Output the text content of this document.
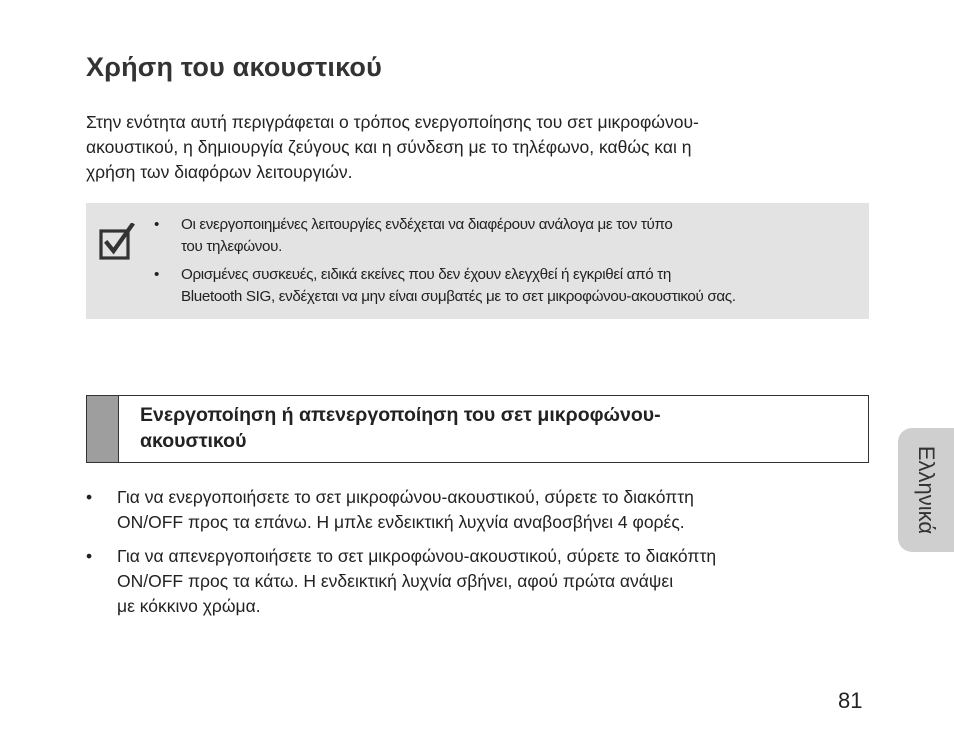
Χρήση του ακουστικού

Στην ενότητα αυτή περιγράφεται ο τρόπος ενεργοποίησης του σετ μικροφώνου-
ακουστικού, η δημιουργία ζεύγους και η σύνδεση με το τηλέφωνο, καθώς και η
χρήση των διαφόρων λειτουργιών.

• Οι ενεργοποιημένες λειτουργίες ενδέχεται να διαφέρουν ανάλογα με τον τύπο
του τηλεφώνου.
• Ορισμένες συσκευές, ειδικά εκείνες που δεν έχουν ελεγχθεί ή εγκριθεί από τη
Bluetooth SIG, ενδέχεται να μην είναι συμβατές με το σετ μικροφώνου-ακουστικού σας.
Ενεργοποίηση ή απενεργοποίηση του σετ μικροφώνου-
ακουστικού
• Για να ενεργοποιήσετε το σετ μικροφώνου-ακουστικού, σύρετε το διακόπτη
ON/OFF προς τα επάνω. Η μπλε ενδεικτική λυχνία αναβοσβήνει 4 φορές.
• Για να απενεργοποιήσετε το σετ μικροφώνου-ακουστικού, σύρετε το διακόπτη
ON/OFF προς τα κάτω. Η ενδεικτική λυχνία σβήνει, αφού πρώτα ανάψει
με κόκκινο χρώμα.
Ελληνικά
81
